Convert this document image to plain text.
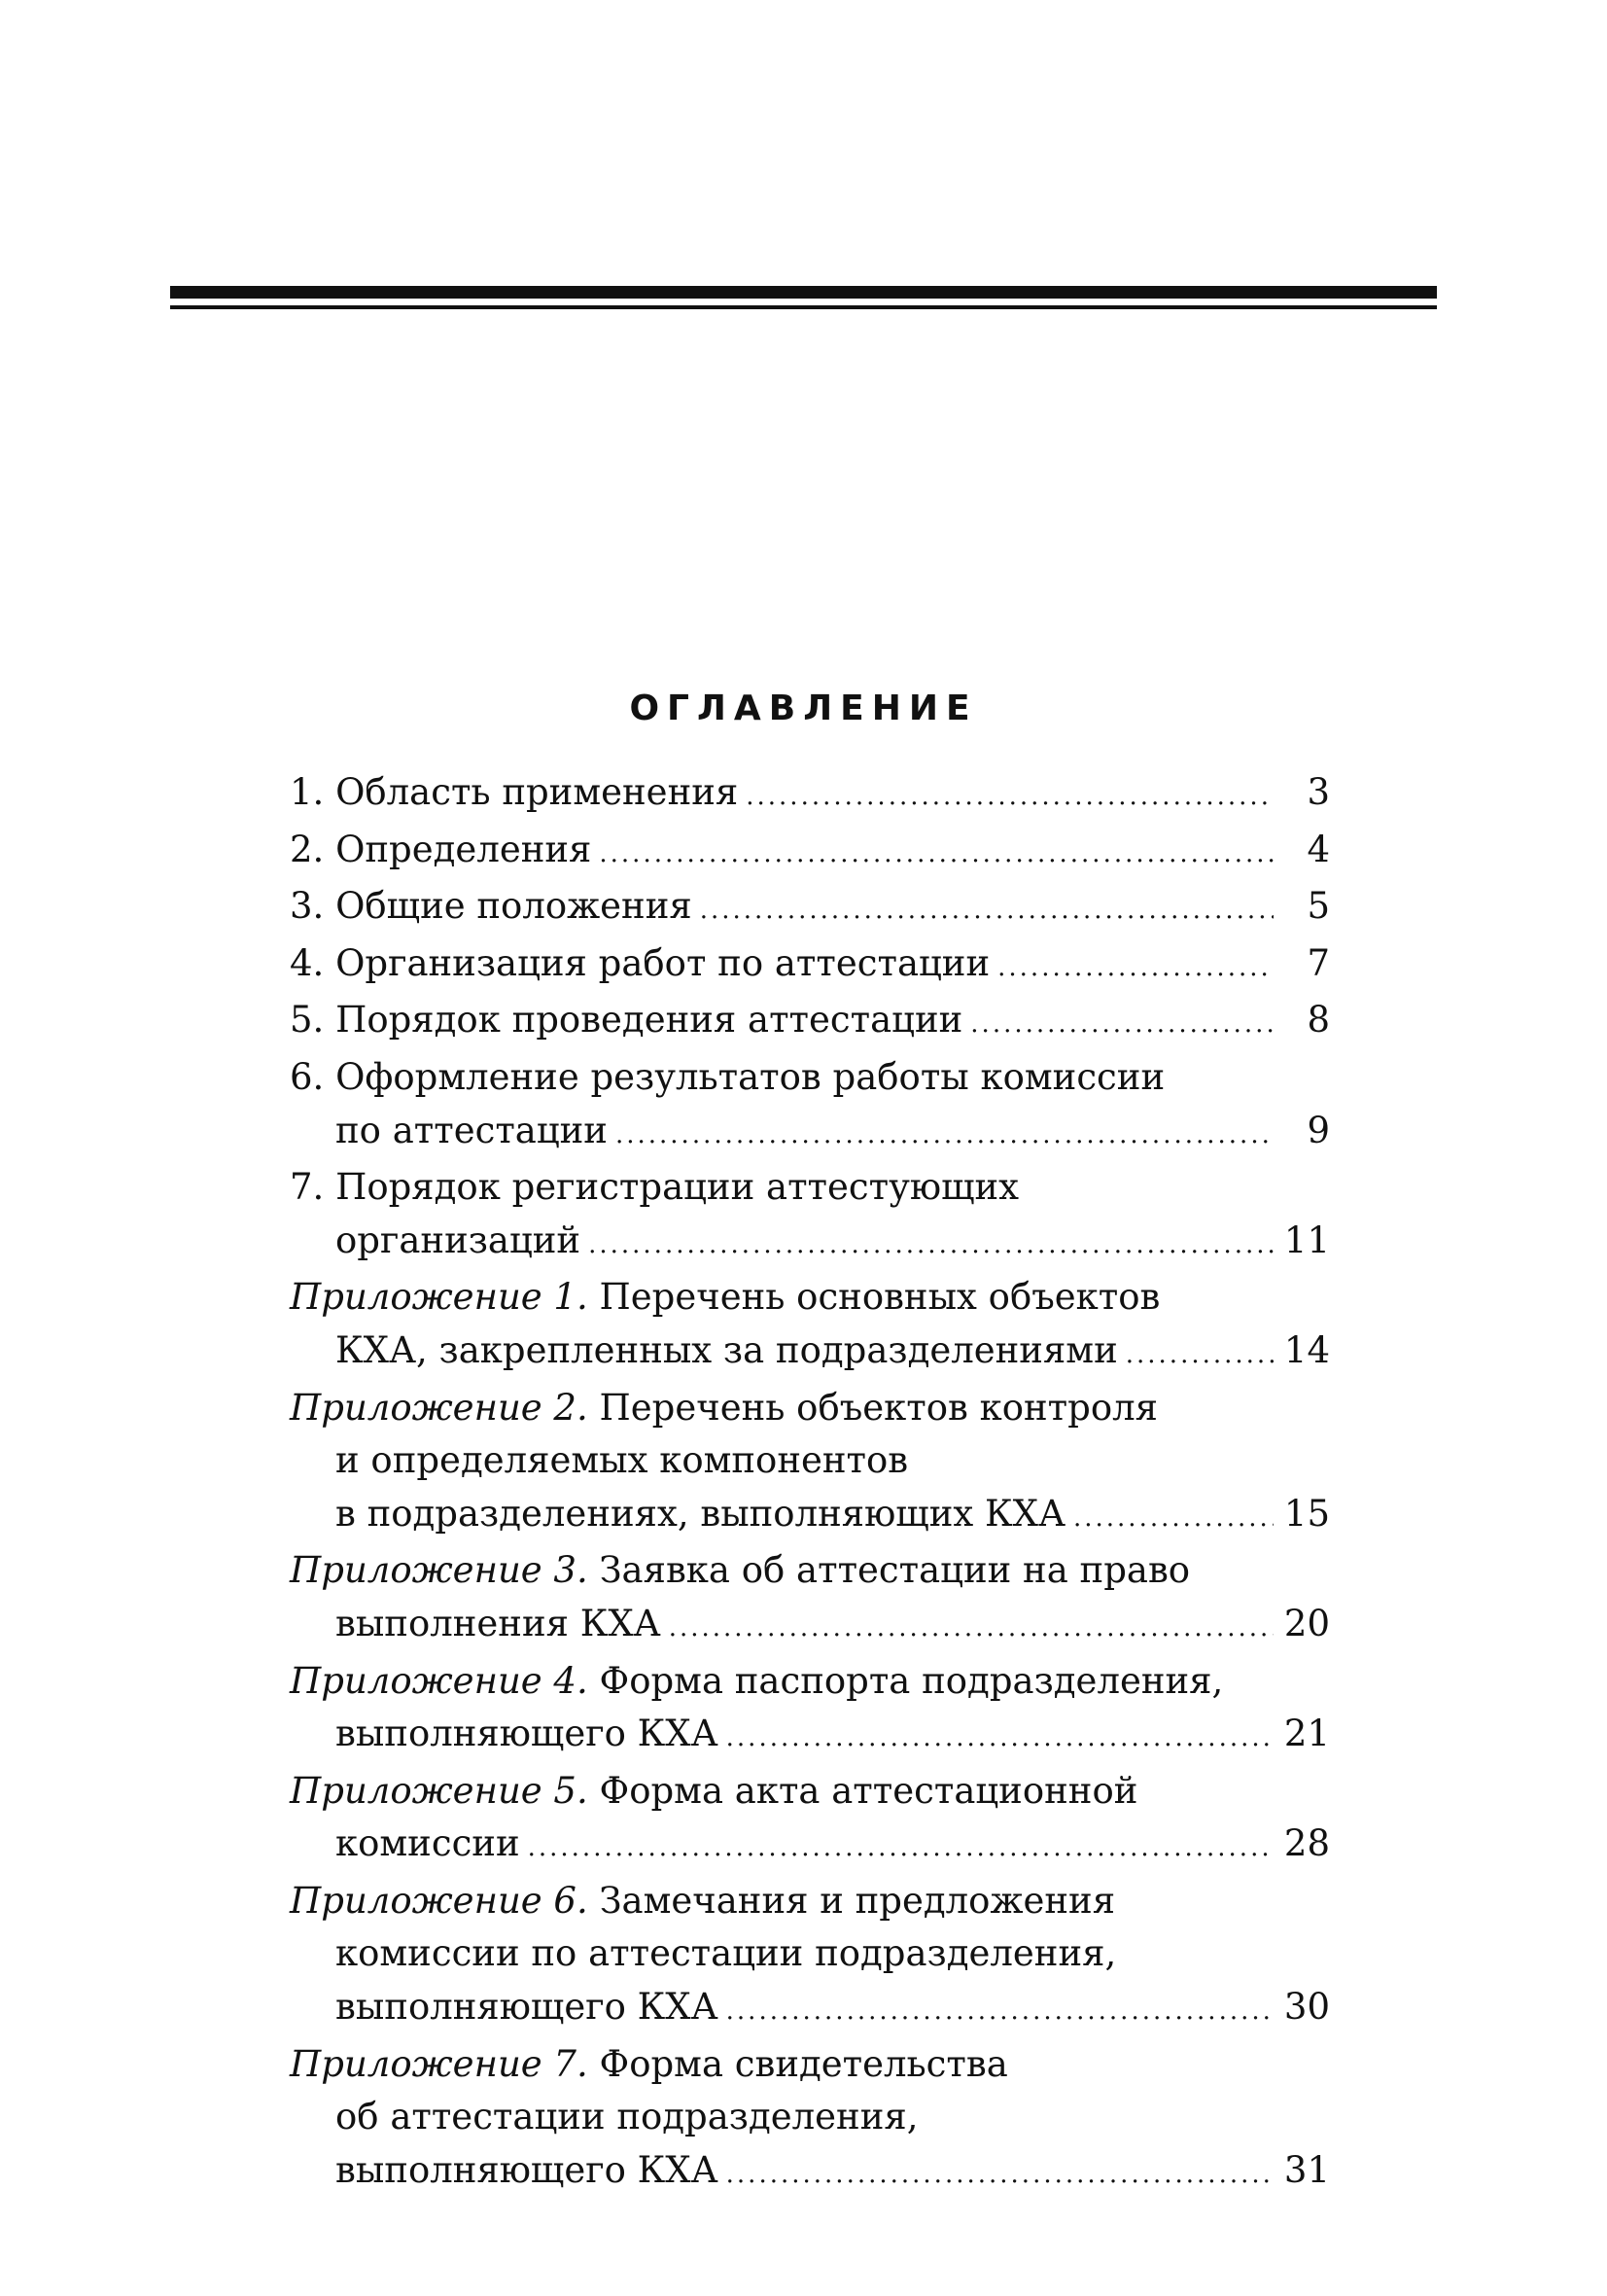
ОГЛАВЛЕНИЕ
1. Область применения .....	3
2. Определения .....	4
3. Общие положения .....	5
4. Организация работ по аттестации .....	7
5. Порядок проведения аттестации .....	8
6. Оформление результатов работы комиссии
по аттестации .....	9
7. Порядок регистрации аттестующих
организаций .....	11
Приложение 1. Перечень основных объектов
КХА, закрепленных за подразделениями .....	14
Приложение 2. Перечень объектов контроля
и определяемых компонентов
в подразделениях, выполняющих КХА .....	15
Приложение 3. Заявка об аттестации на право
выполнения КХА .....	20
Приложение 4. Форма паспорта подразделения,
выполняющего КХА .....	21
Приложение 5. Форма акта аттестационной
комиссии .....	28
Приложение 6. Замечания и предложения
комиссии по аттестации подразделения,
выполняющего КХА .....	30
Приложение 7. Форма свидетельства
об аттестации подразделения,
выполняющего КХА .....	31
